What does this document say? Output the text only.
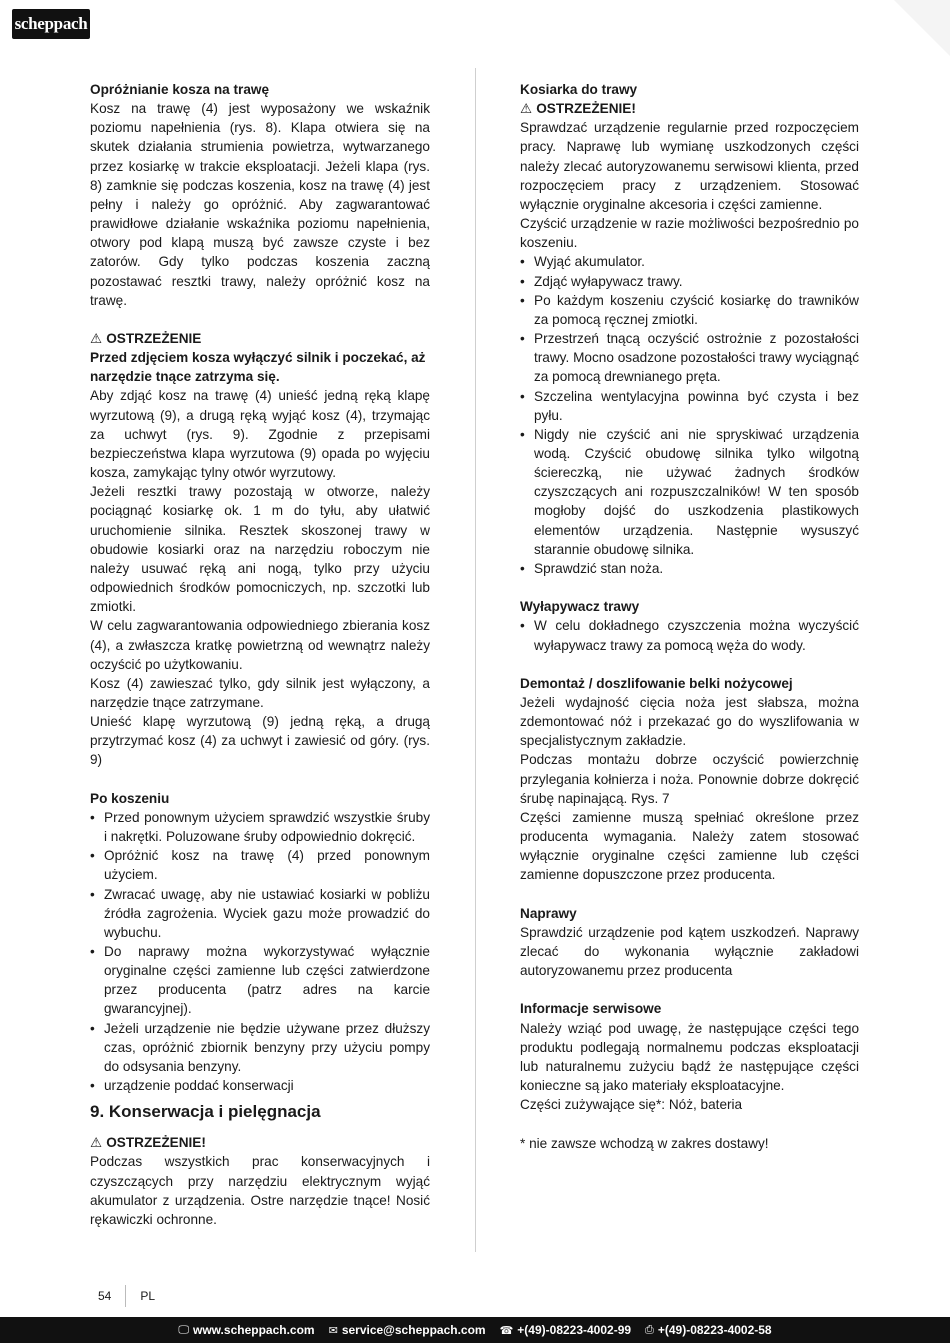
scheppach

Opróżnianie kosza na trawę

Kosz na trawę (4) jest wyposażony we wskaźnik poziomu napełnienia (rys. 8). Klapa otwiera się na skutek działania strumienia powietrza, wytwarzanego przez kosiarkę w trakcie eksploatacji. Jeżeli klapa (rys. 8) zamknie się podczas koszenia, kosz na trawę (4) jest pełny i należy go opróżnić. Aby zagwarantować prawidłowe działanie wskaźnika poziomu napełnienia, otwory pod klapą muszą być zawsze czyste i bez zatorów. Gdy tylko podczas koszenia zaczną pozostawać resztki trawy, należy opróżnić kosz na trawę.

⚠ OSTRZEŻENIE

Przed zdjęciem kosza wyłączyć silnik i poczekać, aż narzędzie tnące zatrzyma się.

Aby zdjąć kosz na trawę (4) unieść jedną ręką klapę wyrzutową (9), a drugą ręką wyjąć kosz (4), trzymając za uchwyt (rys. 9). Zgodnie z przepisami bezpieczeństwa klapa wyrzutowa (9) opada po wyjęciu kosza, zamykając tylny otwór wyrzutowy.

Jeżeli resztki trawy pozostają w otworze, należy pociągnąć kosiarkę ok. 1 m do tyłu, aby ułatwić uruchomienie silnika. Resztek skoszonej trawy w obudowie kosiarki oraz na narzędziu roboczym nie należy usuwać ręką ani nogą, tylko przy użyciu odpowiednich środków pomocniczych, np. szczotki lub zmiotki.

W celu zagwarantowania odpowiedniego zbierania kosz (4), a zwłaszcza kratkę powietrzną od wewnątrz należy oczyścić po użytkowaniu.

Kosz (4) zawieszać tylko, gdy silnik jest wyłączony, a narzędzie tnące zatrzymane.

Unieść klapę wyrzutową (9) jedną ręką, a drugą przytrzymać kosz (4) za uchwyt i zawiesić od góry. (rys. 9)

Po koszeniu

• Przed ponownym użyciem sprawdzić wszystkie śruby i nakrętki. Poluzowane śruby odpowiednio dokręcić.
• Opróżnić kosz na trawę (4) przed ponownym użyciem.
• Zwracać uwagę, aby nie ustawiać kosiarki w pobliżu źródła zagrożenia. Wyciek gazu może prowadzić do wybuchu.
• Do naprawy można wykorzystywać wyłącznie oryginalne części zamienne lub części zatwierdzone przez producenta (patrz adres na karcie gwarancyjnej).
• Jeżeli urządzenie nie będzie używane przez dłuższy czas, opróżnić zbiornik benzyny przy użyciu pompy do odsysania benzyny.
• urządzenie poddać konserwacji

9. Konserwacja i pielęgnacja

⚠ OSTRZEŻENIE!

Podczas wszystkich prac konserwacyjnych i czyszczących przy narzędziu elektrycznym wyjąć akumulator z urządzenia. Ostre narzędzie tnące! Nosić rękawiczki ochronne.

Kosiarka do trawy

⚠ OSTRZEŻENIE!

Sprawdzać urządzenie regularnie przed rozpoczęciem pracy. Naprawę lub wymianę uszkodzonych części należy zlecać autoryzowanemu serwisowi klienta, przed rozpoczęciem pracy z urządzeniem. Stosować wyłącznie oryginalne akcesoria i części zamienne.

Czyścić urządzenie w razie możliwości bezpośrednio po koszeniu.

• Wyjąć akumulator.
• Zdjąć wyłapywacz trawy.
• Po każdym koszeniu czyścić kosiarkę do trawników za pomocą ręcznej zmiotki.
• Przestrzeń tnącą oczyścić ostrożnie z pozostałości trawy. Mocno osadzone pozostałości trawy wyciągnąć za pomocą drewnianego pręta.
• Szczelina wentylacyjna powinna być czysta i bez pyłu.
• Nigdy nie czyścić ani nie spryskiwać urządzenia wodą. Czyścić obudowę silnika tylko wilgotną ściereczką, nie używać żadnych środków czyszczących ani rozpuszczalników! W ten sposób mogłoby dojść do uszkodzenia plastikowych elementów urządzenia. Następnie wysuszyć starannie obudowę silnika.
• Sprawdzić stan noża.

Wyłapywacz trawy

• W celu dokładnego czyszczenia można wyczyścić wyłapywacz trawy za pomocą węża do wody.

Demontaż / doszlifowanie belki nożycowej

Jeżeli wydajność cięcia noża jest słabsza, można zdemontować nóż i przekazać go do wyszlifowania w specjalistycznym zakładzie.

Podczas montażu dobrze oczyścić powierzchnię przylegania kołnierza i noża. Ponownie dobrze dokręcić śrubę napinającą. Rys. 7

Części zamienne muszą spełniać określone przez producenta wymagania. Należy zatem stosować wyłącznie oryginalne części zamienne lub części zamienne dopuszczone przez producenta.

Naprawy

Sprawdzić urządzenie pod kątem uszkodzeń. Naprawy zlecać do wykonania wyłącznie zakładowi autoryzowanemu przez producenta

Informacje serwisowe

Należy wziąć pod uwagę, że następujące części tego produktu podlegają normalnemu podczas eksploatacji lub naturalnemu zużyciu bądź że następujące części konieczne są jako materiały eksploatacyjne.

Części zużywające się*: Nóż, bateria

* nie zawsze wchodzą w zakres dostawy!

54 PL
🖵 www.scheppach.com ✉ service@scheppach.com ☎ +(49)-08223-4002-99 ⎙ +(49)-08223-4002-58
